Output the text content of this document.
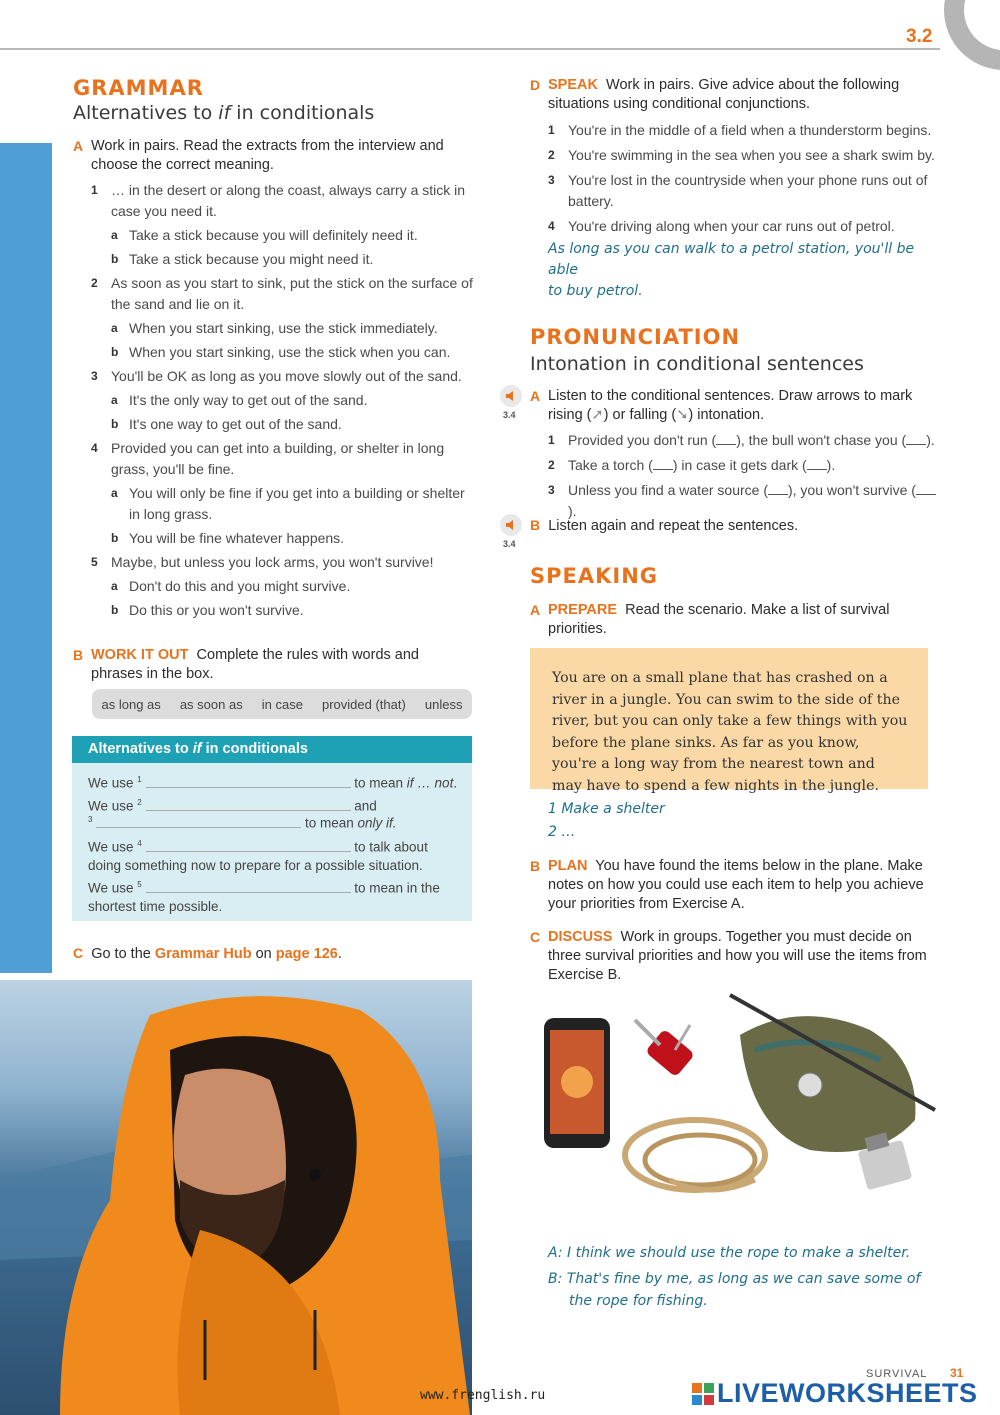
3.2
GRAMMAR
Alternatives to if in conditionals
A Work in pairs. Read the extracts from the interview and choose the correct meaning.
1 … in the desert or along the coast, always carry a stick in case you need it.
a Take a stick because you will definitely need it.
b Take a stick because you might need it.
2 As soon as you start to sink, put the stick on the surface of the sand and lie on it.
a When you start sinking, use the stick immediately.
b When you start sinking, use the stick when you can.
3 You'll be OK as long as you move slowly out of the sand.
a It's the only way to get out of the sand.
b It's one way to get out of the sand.
4 Provided you can get into a building, or shelter in long grass, you'll be fine.
a You will only be fine if you get into a building or shelter in long grass.
b You will be fine whatever happens.
5 Maybe, but unless you lock arms, you won't survive!
a Don't do this and you might survive.
b Do this or you won't survive.
B WORK IT OUT Complete the rules with words and phrases in the box.
as long as as soon as in case provided (that) unless
Alternatives to if in conditionals
We use $^1$	to mean if … not.
We use $^2$	and
$^3$	to mean only if.
We use $^4$	to talk about
doing something now to prepare for a possible situation.
We use $^5$	to mean in the
shortest time possible.
C Go to the Grammar Hub on page 126.
D SPEAK Work in pairs. Give advice about the following situations using conditional conjunctions.
1 You're in the middle of a field when a thunderstorm begins.
2 You're swimming in the sea when you see a shark swim by.
3 You're lost in the countryside when your phone runs out of battery.
4 You're driving along when your car runs out of petrol.
As long as you can walk to a petrol station, you'll be able
to buy petrol.
PRONUNCIATION
Intonation in conditional sentences
3.4
A Listen to the conditional sentences. Draw arrows to mark
rising (➚) or falling (➘) intonation.
1 Provided you don't run ( ), the bull won't chase you ( ).
2 Take a torch ( ) in case it gets dark ( ).
3 Unless you find a water source ( ), you won't survive ().
3.4
B Listen again and repeat the sentences.
SPEAKING
A PREPARE Read the scenario. Make a list of survival priorities.
You are on a small plane that has crashed on a river in a jungle. You can swim to the side of the river, but you can only take a few things with you before the plane sinks. As far as you know, you're a long way from the nearest town and may have to spend a few nights in the jungle.
1 Make a shelter
2 …
B PLAN You have found the items below in the plane. Make notes on how you could use each item to help you achieve your priorities from Exercise A.
C DISCUSS Work in groups. Together you must decide on three survival priorities and how you will use the items from Exercise B.
A: I think we should use the rope to make a shelter.
B: That's fine by me, as long as we can save some of
the rope for fishing.
SURVIVAL 31
www.frenglish.ru	LIVEWORKSHEETS
